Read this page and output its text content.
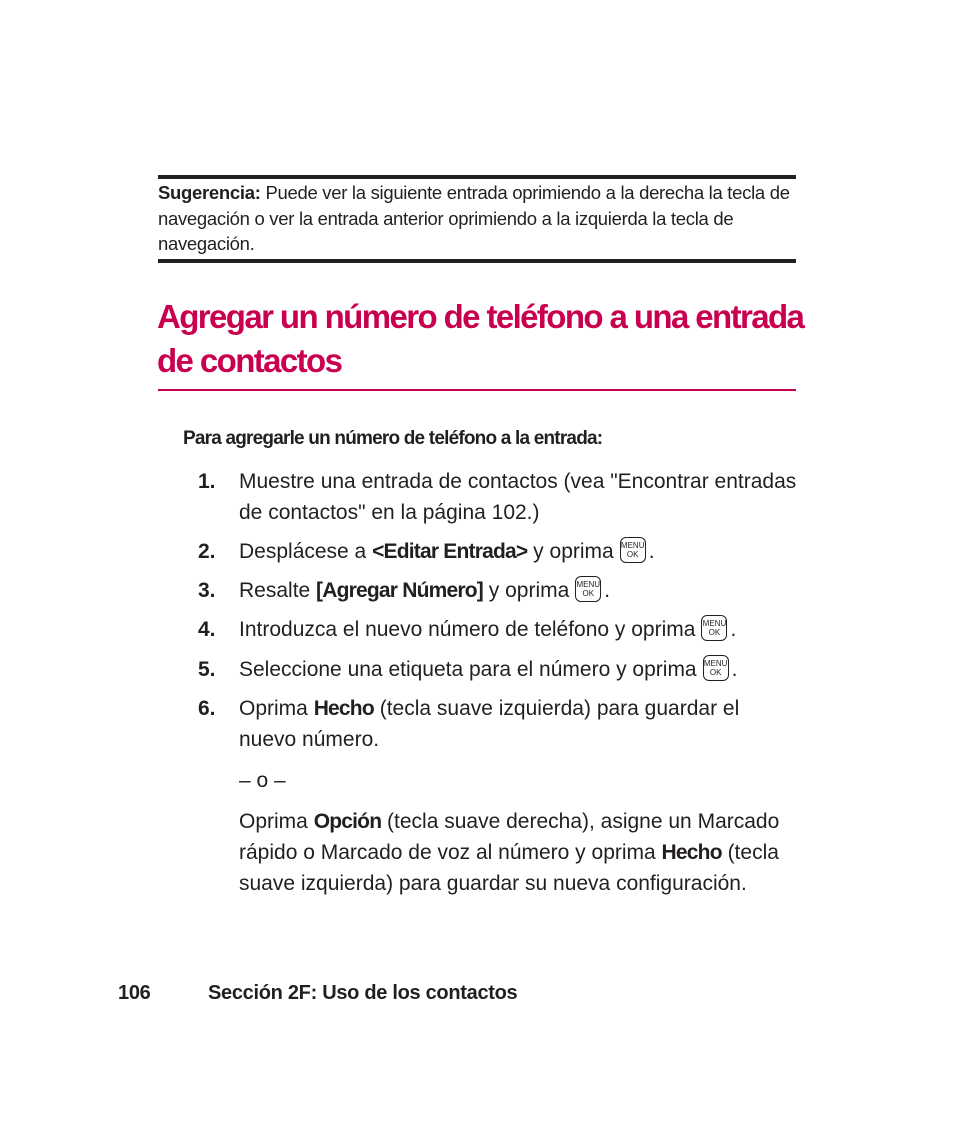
Sugerencia: Puede ver la siguiente entrada oprimiendo a la derecha la tecla de navegación o ver la entrada anterior oprimiendo a la izquierda la tecla de navegación.
Agregar un número de teléfono a una entrada de contactos
Para agregarle un número de teléfono a la entrada:
1. Muestre una entrada de contactos (vea "Encontrar entradas de contactos" en la página 102.)
2. Desplácese a <Editar Entrada> y oprima MENU
OK .
3. Resalte [Agregar Número] y oprima MENU
OK .
4. Introduzca el nuevo número de teléfono y oprima MENU
OK .
5. Seleccione una etiqueta para el número y oprima MENU
OK .
6. Oprima Hecho (tecla suave izquierda) para guardar el nuevo número.
– o –
Oprima Opción (tecla suave derecha), asigne un Marcado rápido o Marcado de voz al número y oprima Hecho (tecla suave izquierda) para guardar su nueva configuración.
106	Sección 2F: Uso de los contactos
